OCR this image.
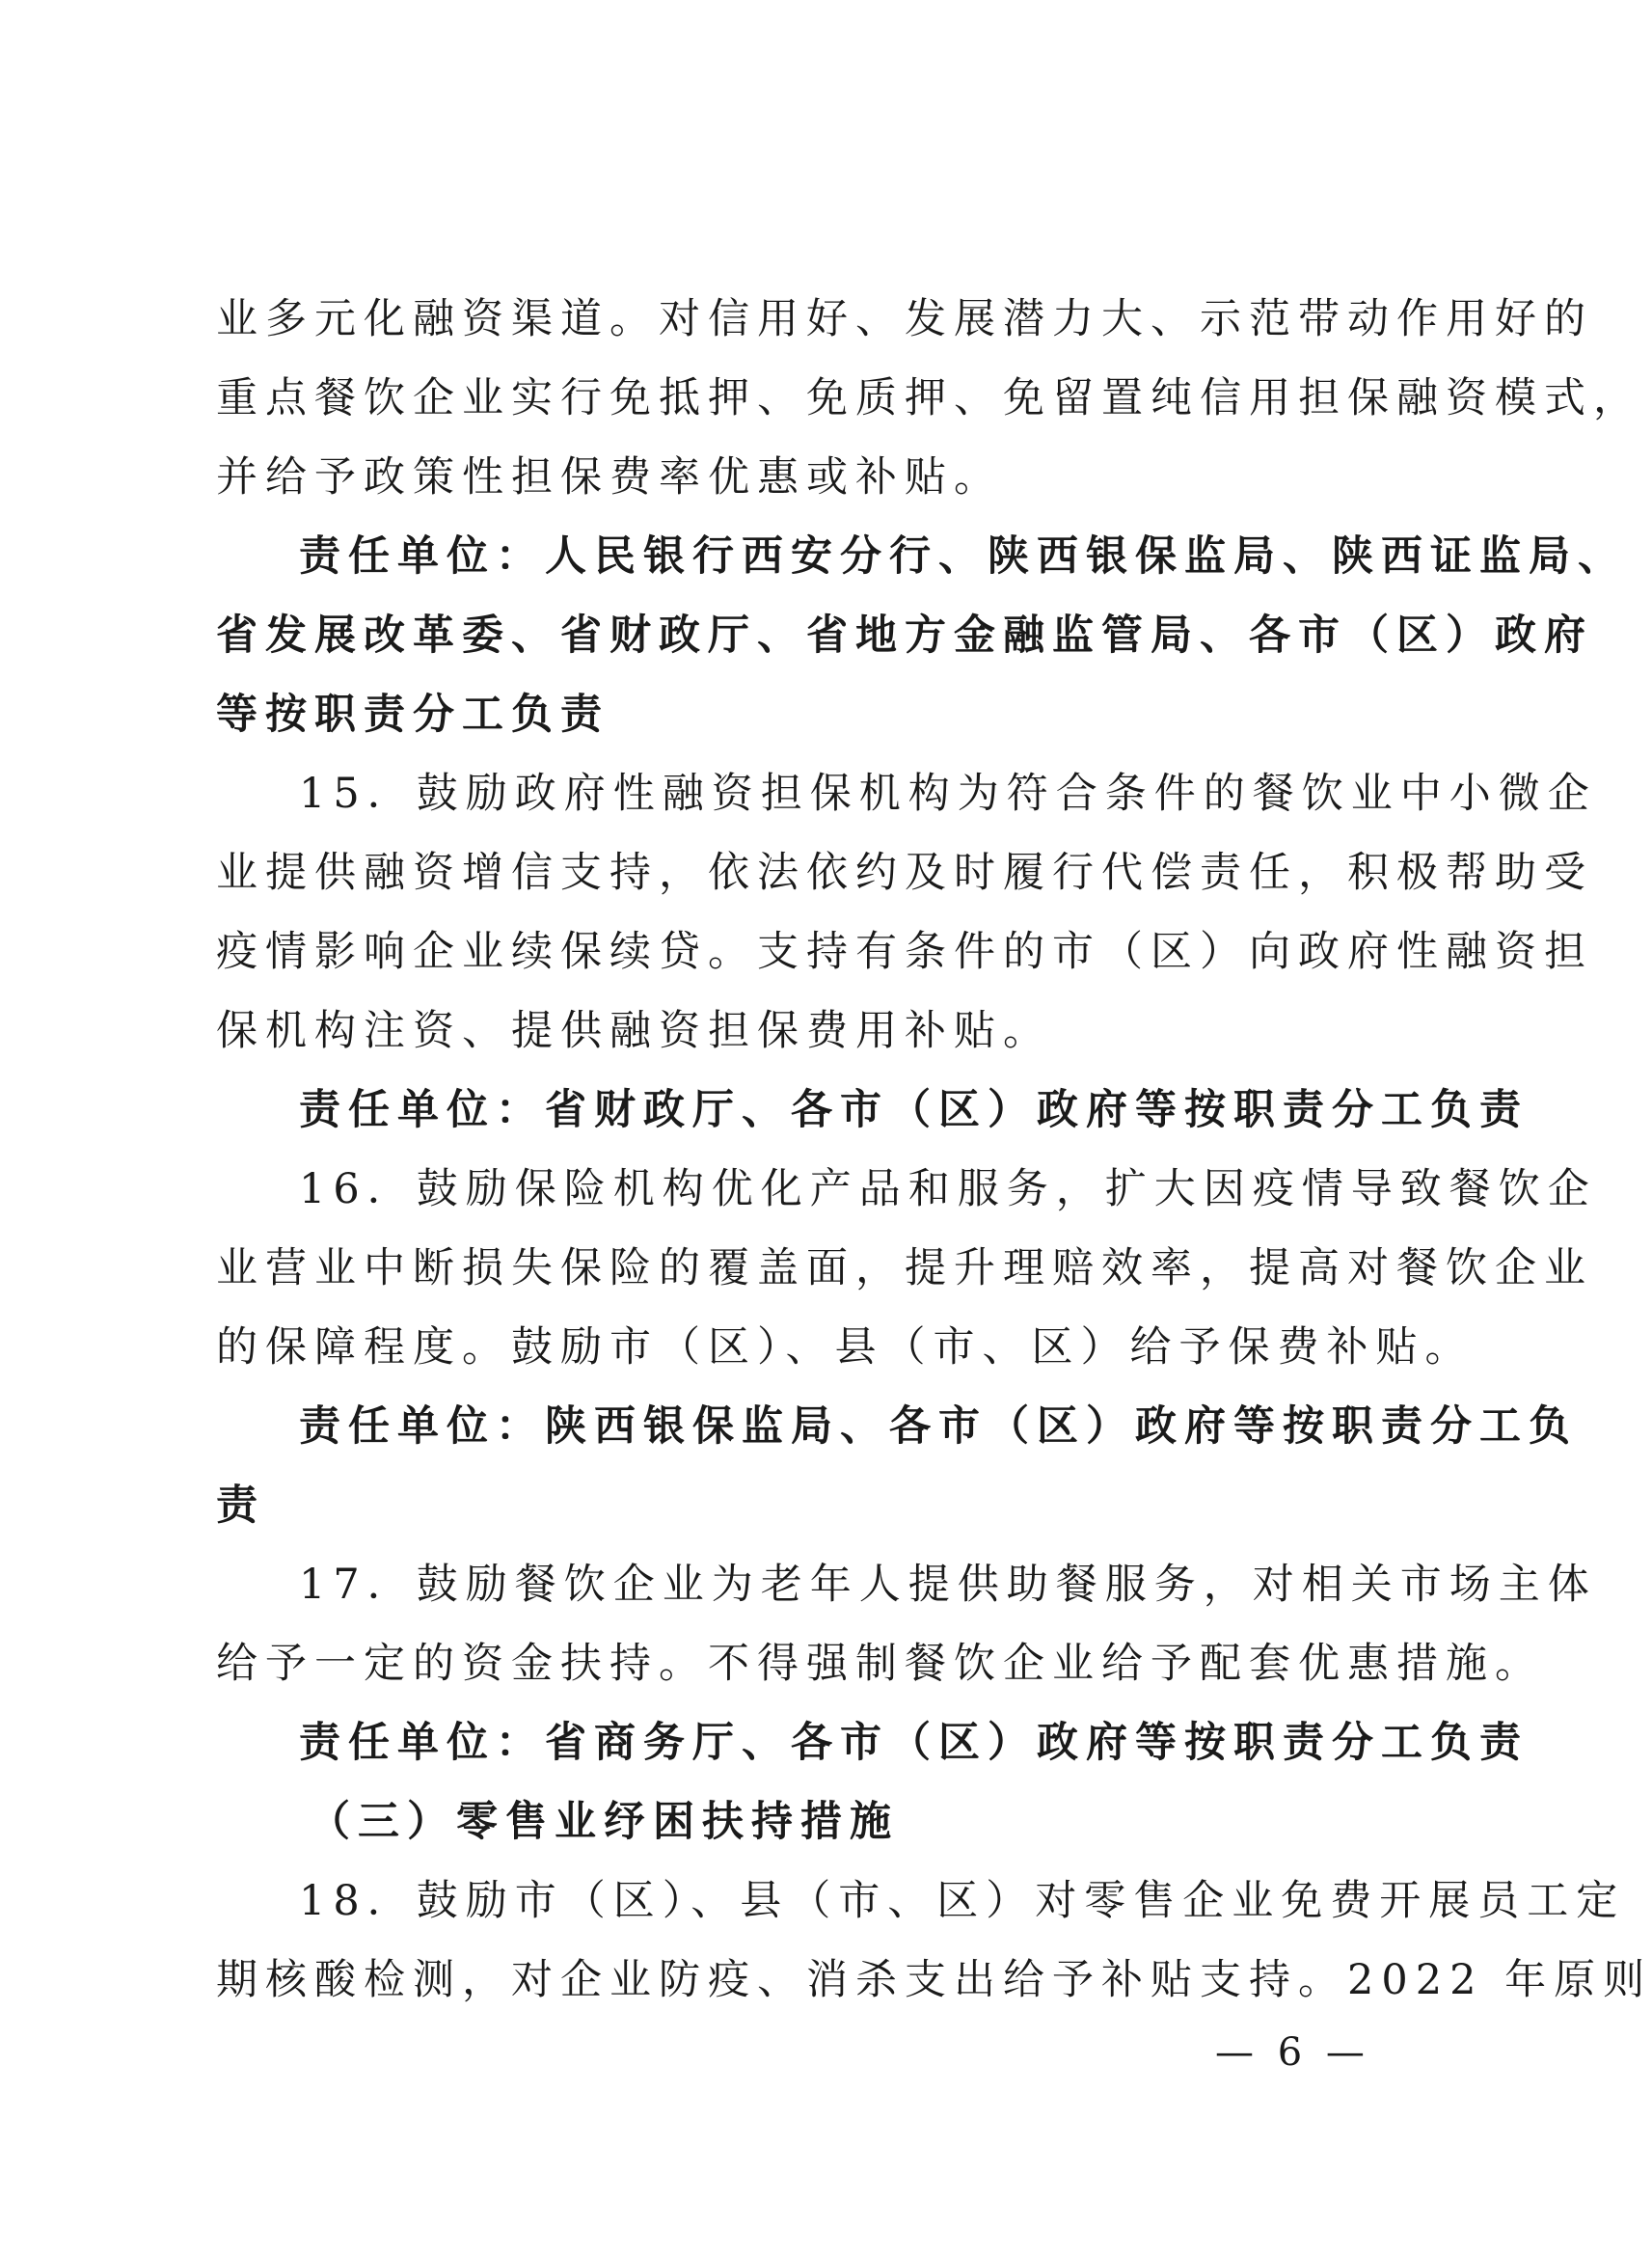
业多元化融资渠道。对信用好、发展潜力大、示范带动作用好的
重点餐饮企业实行免抵押、免质押、免留置纯信用担保融资模式，
并给予政策性担保费率优惠或补贴。
责任单位：人民银行西安分行、陕西银保监局、陕西证监局、
省发展改革委、省财政厅、省地方金融监管局、各市（区）政府
等按职责分工负责
15．鼓励政府性融资担保机构为符合条件的餐饮业中小微企
业提供融资增信支持，依法依约及时履行代偿责任，积极帮助受
疫情影响企业续保续贷。支持有条件的市（区）向政府性融资担
保机构注资、提供融资担保费用补贴。
责任单位：省财政厅、各市（区）政府等按职责分工负责
16．鼓励保险机构优化产品和服务，扩大因疫情导致餐饮企
业营业中断损失保险的覆盖面，提升理赔效率，提高对餐饮企业
的保障程度。鼓励市（区）、县（市、区）给予保费补贴。
责任单位：陕西银保监局、各市（区）政府等按职责分工负
责
17．鼓励餐饮企业为老年人提供助餐服务，对相关市场主体
给予一定的资金扶持。不得强制餐饮企业给予配套优惠措施。
责任单位：省商务厅、各市（区）政府等按职责分工负责
（三）零售业纾困扶持措施
18．鼓励市（区）、县（市、区）对零售企业免费开展员工定
期核酸检测，对企业防疫、消杀支出给予补贴支持。2022 年原则
— 6 —
